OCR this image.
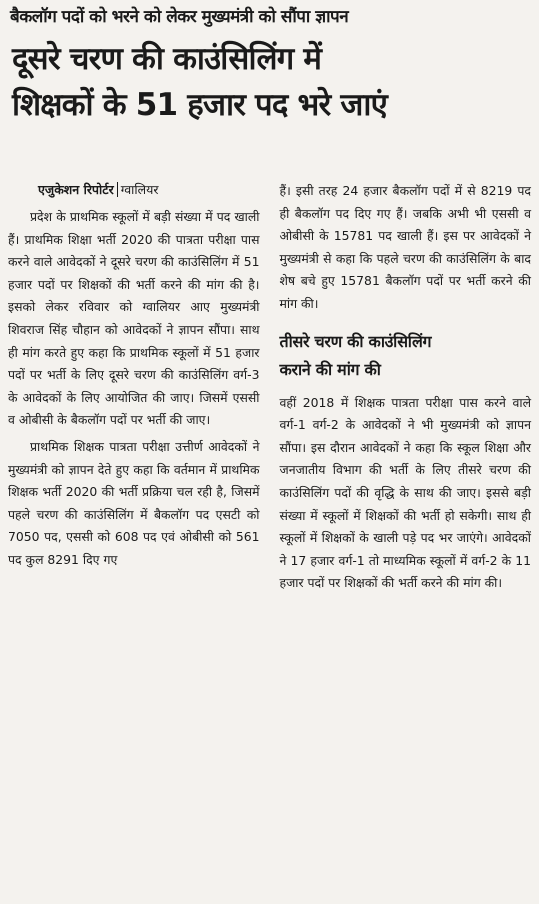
बैकलॉग पदों को भरने को लेकर मुख्यमंत्री को सौंपा ज्ञापन
दूसरे चरण की काउंसिलिंग में
शिक्षकों के 51 हजार पद भरे जाएं
एजुकेशन रिपोर्टर ग्वालियर

प्रदेश के प्राथमिक स्कूलों में बड़ी संख्या में पद खाली हैं। प्राथमिक शिक्षा भर्ती 2020 की पात्रता परीक्षा पास करने वाले आवेदकों ने दूसरे चरण की काउंसिलिंग में 51 हजार पदों पर शिक्षकों की भर्ती करने की मांग की है। इसको लेकर रविवार को ग्वालियर आए मुख्यमंत्री शिवराज सिंह चौहान को आवेदकों ने ज्ञापन सौंपा। साथ ही मांग करते हुए कहा कि प्राथमिक स्कूलों में 51 हजार पदों पर भर्ती के लिए दूसरे चरण की काउंसिलिंग वर्ग-3 के आवेदकों के लिए आयोजित की जाए। जिसमें एससी व ओबीसी के बैकलॉग पदों पर भर्ती की जाए।

प्राथमिक शिक्षक पात्रता परीक्षा उत्तीर्ण आवेदकों ने मुख्यमंत्री को ज्ञापन देते हुए कहा कि वर्तमान में प्राथमिक शिक्षक भर्ती 2020 की भर्ती प्रक्रिया चल रही है, जिसमें पहले चरण की काउंसिलिंग में बैकलॉग पद एसटी को 7050 पद, एससी को 608 पद एवं ओबीसी को 561 पद कुल 8291 दिए गए

हैं। इसी तरह 24 हजार बैकलॉग पदों में से 8219 पद ही बैकलॉग पद दिए गए हैं। जबकि अभी भी एससी व ओबीसी के 15781 पद खाली हैं। इस पर आवेदकों ने मुख्यमंत्री से कहा कि पहले चरण की काउंसिलिंग के बाद शेष बचे हुए 15781 बैकलॉग पदों पर भर्ती करने की मांग की।

तीसरे चरण की काउंसिलिंग
कराने की मांग की

वहीं 2018 में शिक्षक पात्रता परीक्षा पास करने वाले वर्ग-1 वर्ग-2 के आवेदकों ने भी मुख्यमंत्री को ज्ञापन सौंपा। इस दौरान आवेदकों ने कहा कि स्कूल शिक्षा और जनजातीय विभाग की भर्ती के लिए तीसरे चरण की काउंसिलिंग पदों की वृद्धि के साथ की जाए। इससे बड़ी संख्या में स्कूलों में शिक्षकों की भर्ती हो सकेगी। साथ ही स्कूलों में शिक्षकों के खाली पड़े पद भर जाएंगे। आवेदकों ने 17 हजार वर्ग-1 तो माध्यमिक स्कूलों में वर्ग-2 के 11 हजार पदों पर शिक्षकों की भर्ती करने की मांग की।
